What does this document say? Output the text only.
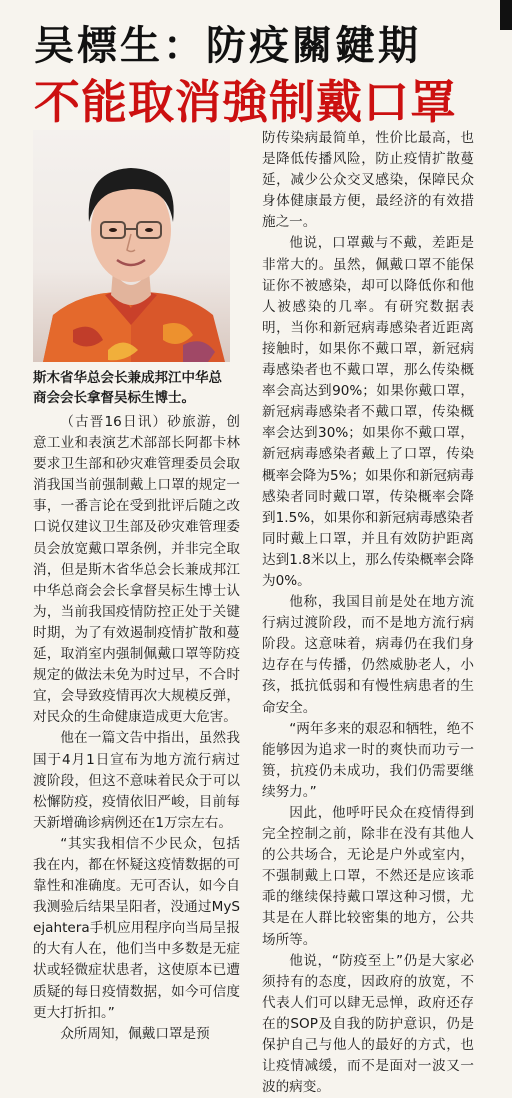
吴標生：防疫關鍵期
不能取消強制戴口罩
斯木省华总会长兼成邦江中华总商会会长拿督吴标生博士。

（古晋16日讯）砂旅游，创意工业和表演艺术部部长阿都卡林要求卫生部和砂灾难管理委员会取消我国当前强制戴上口罩的规定一事，一番言论在受到批评后随之改口说仅建议卫生部及砂灾难管理委员会放宽戴口罩条例，并非完全取消，但是斯木省华总会长兼成邦江中华总商会会长拿督吴标生博士认为，当前我国疫情防控正处于关键时期，为了有效遏制疫情扩散和蔓延，取消室内强制佩戴口罩等防疫规定的做法未免为时过早，不合时宜，会导致疫情再次大规模反弹，对民众的生命健康造成更大危害。

他在一篇文告中指出，虽然我国于4月1日宣布为地方流行病过渡阶段，但这不意味着民众于可以松懈防疫，疫情依旧严峻，目前每天新增确诊病例还在1万宗左右。

“其实我相信不少民众，包括我在内，都在怀疑这疫情数据的可靠性和准确度。无可否认，如今自我测验后结果呈阳者，没通过MySejahtera手机应用程序向当局呈报的大有人在，他们当中多数是无症状或轻微症状患者，这使原本已遭质疑的每日疫情数据，如今可信度更大打折扣。”

众所周知，佩戴口罩是预

防传染病最简单，性价比最高，也是降低传播风险，防止疫情扩散蔓延，减少公众交叉感染，保障民众身体健康最方便，最经济的有效措施之一。

他说，口罩戴与不戴，差距是非常大的。虽然，佩戴口罩不能保证你不被感染，却可以降低你和他人被感染的几率。有研究数据表明，当你和新冠病毒感染者近距离接触时，如果你不戴口罩，新冠病毒感染者也不戴口罩，那么传染概率会高达到90%；如果你戴口罩，新冠病毒感染者不戴口罩，传染概率会达到30%；如果你不戴口罩，新冠病毒感染者戴上了口罩，传染概率会降为5%；如果你和新冠病毒感染者同时戴口罩，传染概率会降到1.5%，如果你和新冠病毒感染者同时戴上口罩，并且有效防护距离达到1.8米以上，那么传染概率会降为0%。

他称，我国目前是处在地方流行病过渡阶段，而不是地方流行病阶段。这意味着，病毒仍在我们身边存在与传播，仍然威胁老人，小孩，抵抗低弱和有慢性病患者的生命安全。

“两年多来的艰忍和牺牲，绝不能够因为追求一时的爽快而功亏一篑，抗疫仍未成功，我们仍需要继续努力。”

因此，他呼吁民众在疫情得到完全控制之前，除非在没有其他人的公共场合，无论是户外或室内，不强制戴上口罩，不然还是应该乖乖的继续保持戴口罩这种习惯，尤其是在人群比较密集的地方，公共场所等。

他说，“防疫至上”仍是大家必须持有的态度，因政府的放宽，不代表人们可以肆无忌惮，政府还存在的SOP及自我的防护意识，仍是保护自己与他人的最好的方式，也让疫情减缓，而不是面对一波又一波的病变。
